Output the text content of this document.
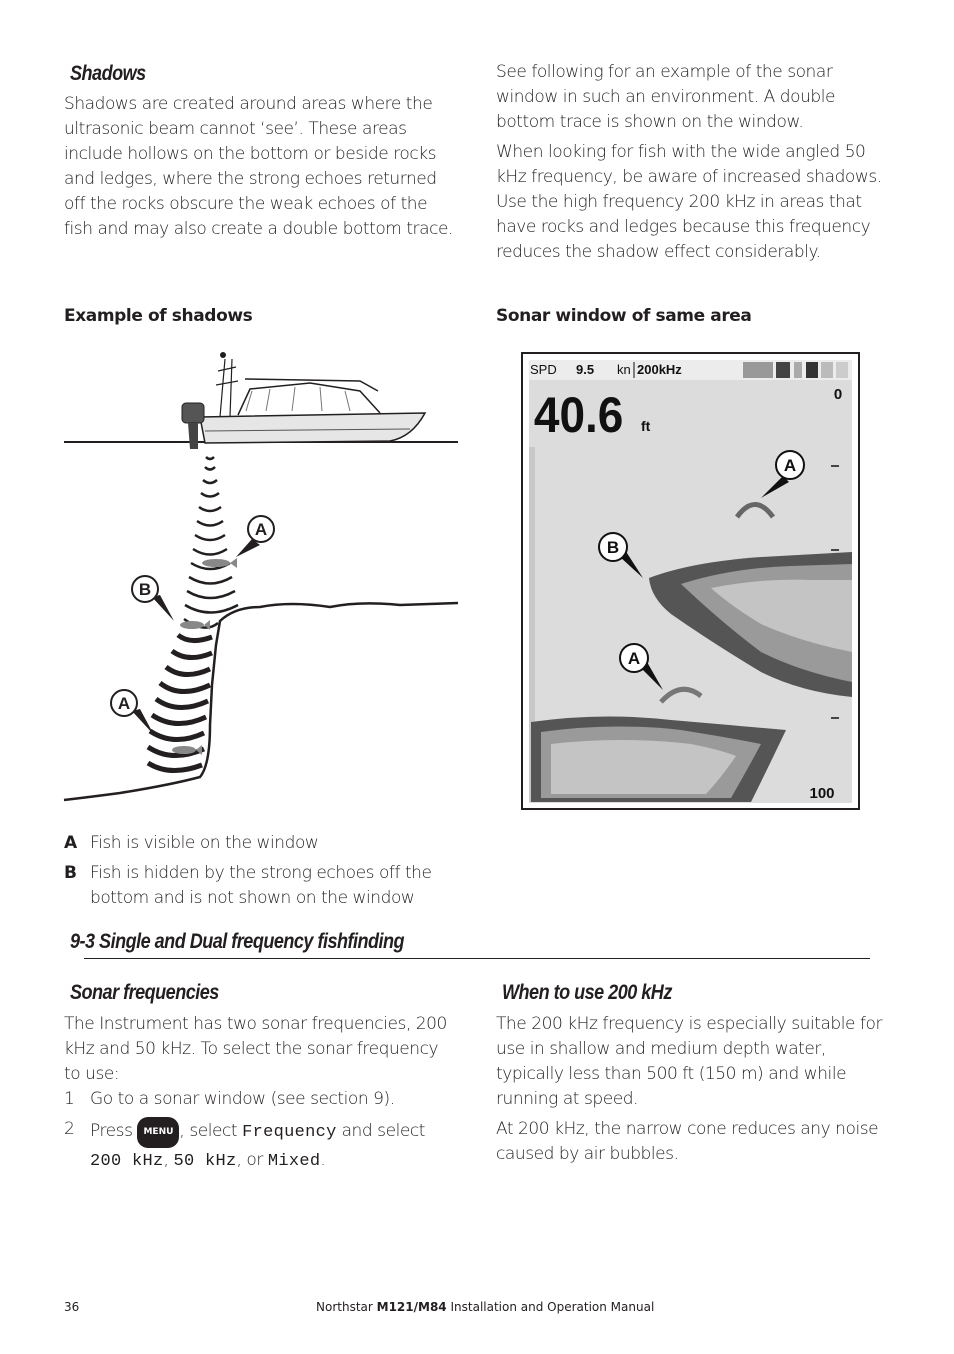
Shadows
Shadows are created around areas where the ultrasonic beam cannot ‘see’. These areas include hollows on the bottom or beside rocks and ledges, where the strong echoes returned off the rocks obscure the weak echoes of the fish and may also create a double bottom trace.

See following for an example of the sonar window in such an environment. A double bottom trace is shown on the window.

When looking for fish with the wide angled 50 kHz frequency, be aware of increased shadows. Use the high frequency 200 kHz in areas that have rocks and ledges because this frequency reduces the shadow effect considerably.

Example of shadows	Sonar window of same area
A
B
A
SPD 9.5 kn 200kHz
0
40.6 ft
A
B
A
100
A Fish is visible on the window
B Fish is hidden by the strong echoes off the bottom and is not shown on the window
9-3 Single and Dual frequency fishfinding
Sonar frequencies

The Instrument has two sonar frequencies, 200 kHz and 50 kHz. To select the sonar frequency to use:

1 Go to a sonar window (see section 9).
2 Press MENU , select Frequency and select 200 kHz, 50 kHz, or Mixed.
When to use 200 kHz

The 200 kHz frequency is especially suitable for use in shallow and medium depth water, typically less than 500 ft (150 m) and while running at speed.

At 200 kHz, the narrow cone reduces any noise caused by air bubbles.

36	Northstar M121/M84 Installation and Operation Manual
